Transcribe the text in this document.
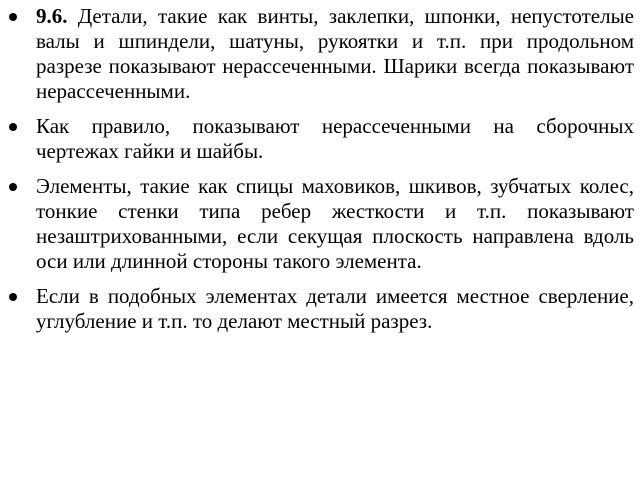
9.6. Детали, такие как винты, заклепки, шпонки, непустотелые валы и шпиндели, шатуны, рукоятки и т.п. при продольном разрезе показывают нерассеченными. Шарики всегда показывают нерассеченными.
Как правило, показывают нерассеченными на сборочных чертежах гайки и шайбы.
Элементы, такие как спицы маховиков, шкивов, зубчатых колес, тонкие стенки типа ребер жесткости и т.п. показывают незаштрихованными, если секущая плоскость направлена вдоль оси или длинной стороны такого элемента.
Если в подобных элементах детали имеется местное сверление, углубление и т.п. то делают местный разрез.
